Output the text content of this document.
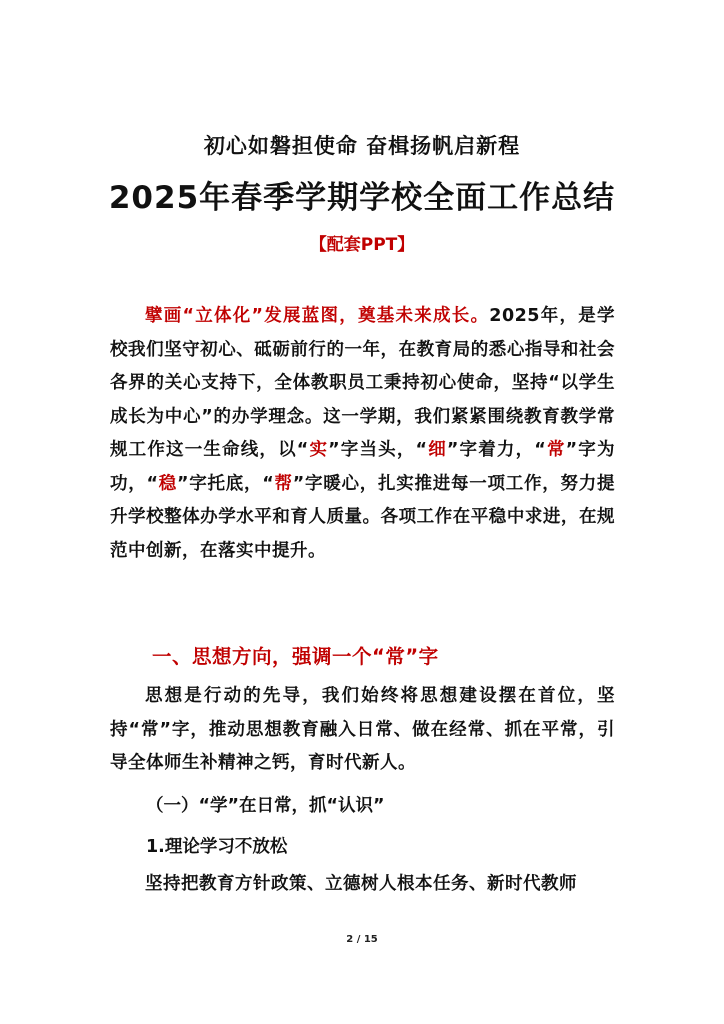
初心如磐担使命 奋楫扬帆启新程
2025年春季学期学校全面工作总结
【配套PPT】
擘画“立体化”发展蓝图，奠基未来成长。2025年，是学校我们坚守初心、砥砺前行的一年，在教育局的悉心指导和社会各界的关心支持下，全体教职员工秉持初心使命，坚持“以学生成长为中心”的办学理念。这一学期，我们紧紧围绕教育教学常规工作这一生命线，以“实”字当头，“细”字着力，“常”字为功，“稳”字托底，“帮”字暖心，扎实推进每一项工作，努力提升学校整体办学水平和育人质量。各项工作在平稳中求进，在规范中创新，在落实中提升。
一、思想方向，强调一个“常”字
思想是行动的先导，我们始终将思想建设摆在首位，坚持“常”字，推动思想教育融入日常、做在经常、抓在平常，引导全体师生补精神之钙，育时代新人。
（一）“学”在日常，抓“认识”
1.理论学习不放松
坚持把教育方针政策、立德树人根本任务、新时代教师
2 / 15
